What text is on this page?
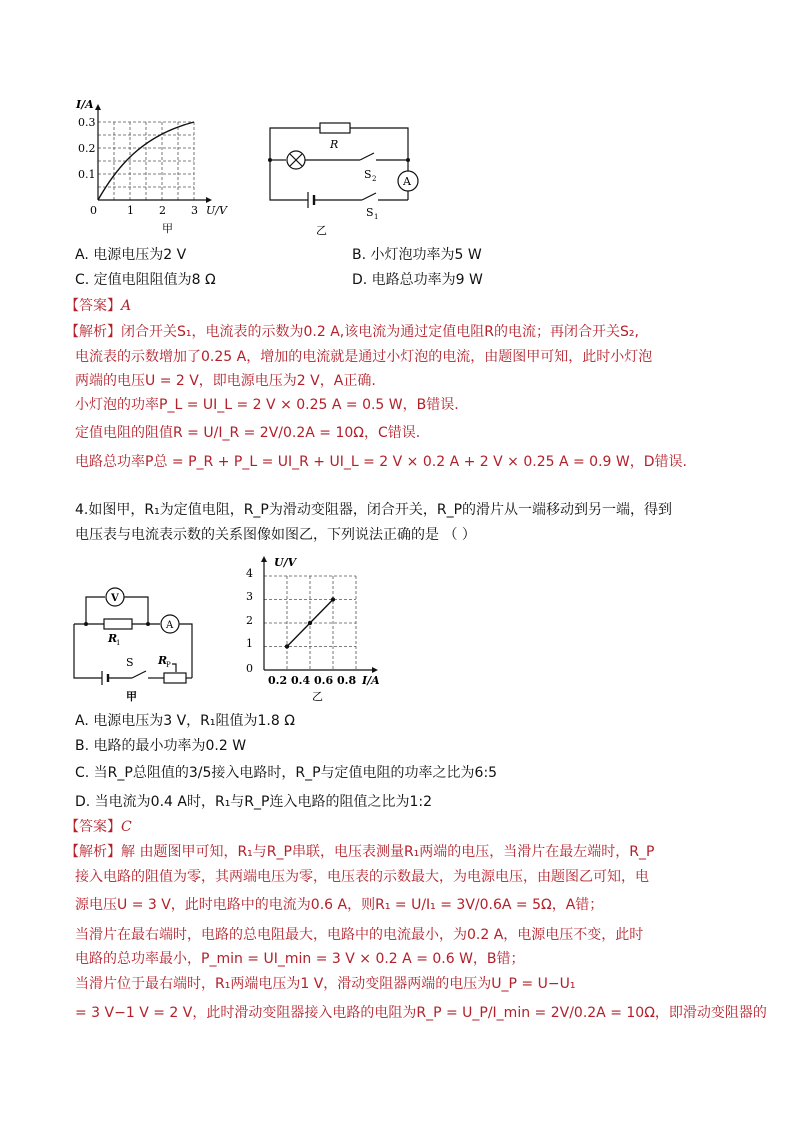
I/A
0.3
0.2
0.1
0	1 2 3 U/V
甲
R
S 2 A
S 1
乙
A. 电源电压为2 V	B. 小灯泡功率为5 W
C. 定值电阻阻值为8 Ω	D. 电路总功率为9 W
【答案】A
【解析】闭合开关S₁，电流表的示数为0.2 A,该电流为通过定值电阻R的电流；再闭合开关S₂,
电流表的示数增加了0.25 A，增加的电流就是通过小灯泡的电流，由题图甲可知，此时小灯泡
两端的电压U = 2 V，即电源电压为2 V，A正确.
小灯泡的功率P_L = UI_L = 2 V × 0.25 A = 0.5 W，B错误.
定值电阻的阻值R = U/I_R = 2V/0.2A = 10Ω，C错误.
电路总功率P总 = P_R + P_L = UI_R + UI_L = 2 V × 0.2 A + 2 V × 0.25 A = 0.9 W，D错误.
4.如图甲，R₁为定值电阻，R_P为滑动变阻器，闭合开关，R_P的滑片从一端移动到另一端，得到
电压表与电流表示数的关系图像如图乙，下列说法正确的是 （ ）
V
A
R
1
S R
P
甲
U/V
4
3
2
1
0
0.2 0.4 0.6 0.8 I/A
乙
A. 电源电压为3 V，R₁阻值为1.8 Ω
B. 电路的最小功率为0.2 W
C. 当R_P总阻值的3/5接入电路时，R_P与定值电阻的功率之比为6:5
D. 当电流为0.4 A时，R₁与R_P连入电路的阻值之比为1:2
【答案】C
【解析】解 由题图甲可知，R₁与R_P串联，电压表测量R₁两端的电压，当滑片在最左端时，R_P
接入电路的阻值为零，其两端电压为零，电压表的示数最大，为电源电压，由题图乙可知，电
源电压U = 3 V，此时电路中的电流为0.6 A，则R₁ = U/I₁ = 3V/0.6A = 5Ω，A错；
当滑片在最右端时，电路的总电阻最大，电路中的电流最小，为0.2 A，电源电压不变，此时
电路的总功率最小，P_min = UI_min = 3 V × 0.2 A = 0.6 W，B错；
当滑片位于最右端时，R₁两端电压为1 V，滑动变阻器两端的电压为U_P = U−U₁
= 3 V−1 V = 2 V，此时滑动变阻器接入电路的电阻为R_P = U_P/I_min = 2V/0.2A = 10Ω，即滑动变阻器的
